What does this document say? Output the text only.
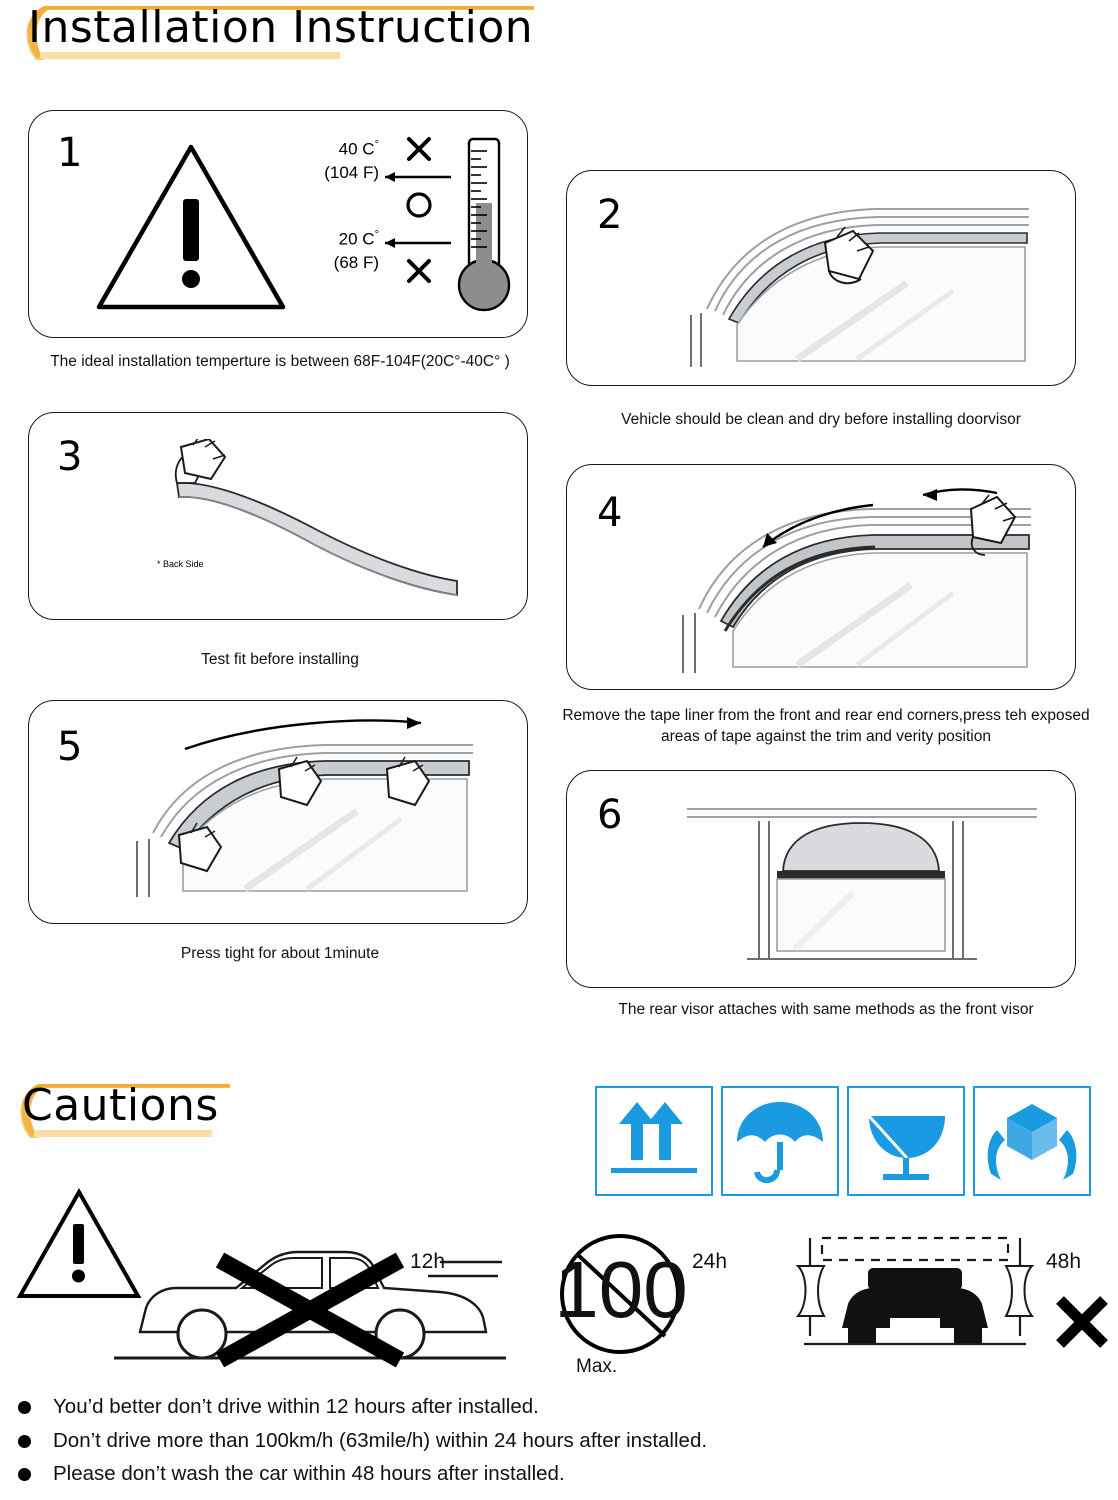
Installation Instruction
1	40 C°
(104 F)
20 C°
(68 F)
The ideal installation temperture is between 68F-104F(20C°-40C° )
2
Vehicle should be clean and dry before installing doorvisor
3
* Back Side
Test fit before installing
4
Remove the tape liner from the front and rear end corners,press teh exposed areas of tape against the trim and verity position
5
Press tight for about 1minute
6
The rear visor attaches with same methods as the front visor
Cautions
12h 100
Max.
24h	48h
You’d better don’t drive within 12 hours after installed.
Don’t drive more than 100km/h (63mile/h) within 24 hours after installed.
Please don’t wash the car within 48 hours after installed.
